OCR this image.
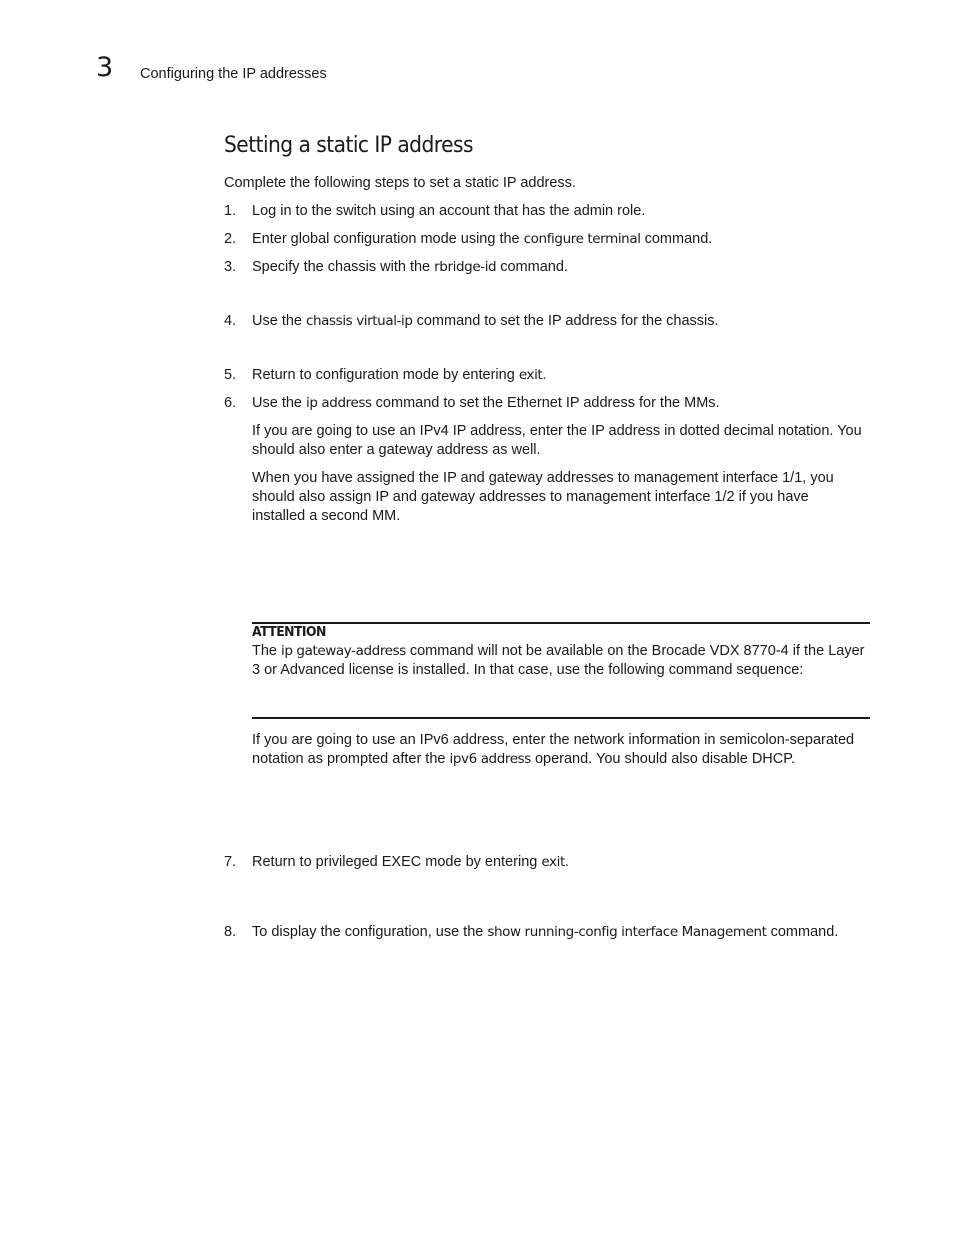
3 Configuring the IP addresses
Setting a static IP address
Complete the following steps to set a static IP address.
1. Log in to the switch using an account that has the admin role.
2. Enter global configuration mode using the configure terminal command.
3. Specify the chassis with the rbridge-id command.
4. Use the chassis virtual-ip command to set the IP address for the chassis.
5. Return to configuration mode by entering exit.
6. Use the ip address command to set the Ethernet IP address for the MMs.
If you are going to use an IPv4 IP address, enter the IP address in dotted decimal notation. You
should also enter a gateway address as well.
When you have assigned the IP and gateway addresses to management interface 1/1, you
should also assign IP and gateway addresses to management interface 1/2 if you have
installed a second MM.
ATTENTION
The ip gateway-address command will not be available on the Brocade VDX 8770-4 if the Layer
3 or Advanced license is installed. In that case, use the following command sequence:
If you are going to use an IPv6 address, enter the network information in semicolon-separated
notation as prompted after the ipv6 address operand. You should also disable DHCP.
7. Return to privileged EXEC mode by entering exit.
8. To display the configuration, use the show running-config interface Management command.
